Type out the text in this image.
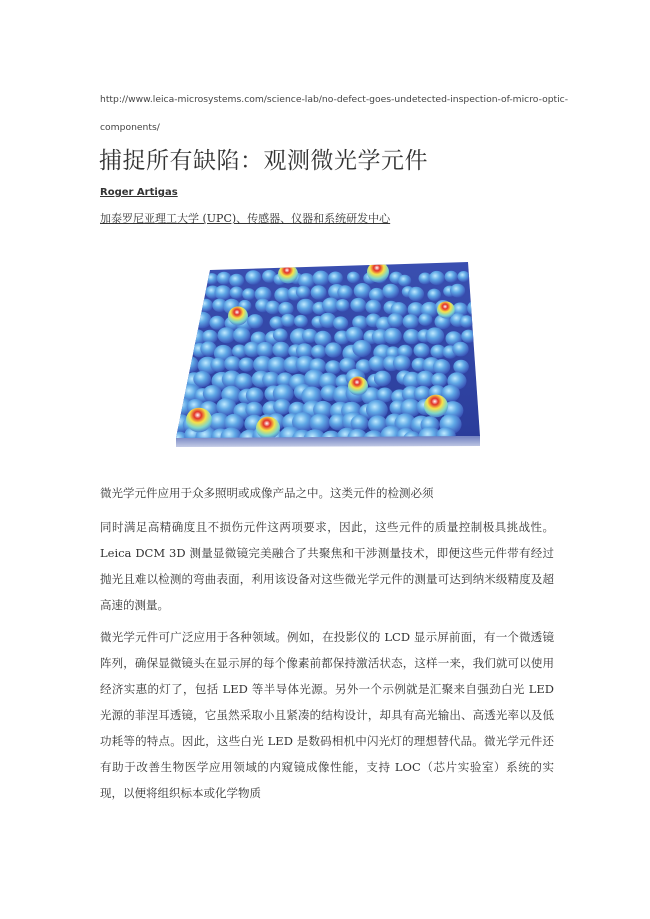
http://www.leica-microsystems.com/science-lab/no-defect-goes-undetected-inspection-of-micro-optic-components/
捕捉所有缺陷：观测微光学元件
Roger Artigas
加泰罗尼亚理工大学 (UPC)、传感器、仪器和系统研发中心
微光学元件应用于众多照明或成像产品之中。这类元件的检测必须
同时满足高精确度且不损伤元件这两项要求，因此，这些元件的质量控制极具挑战性。Leica DCM 3D 测量显微镜完美融合了共聚焦和干涉测量技术，即便这些元件带有经过抛光且难以检测的弯曲表面，利用该设备对这些微光学元件的测量可达到纳米级精度及超高速的测量。
微光学元件可广泛应用于各种领域。例如，在投影仪的 LCD 显示屏前面，有一个微透镜阵列，确保显微镜头在显示屏的每个像素前都保持激活状态，这样一来，我们就可以使用经济实惠的灯了，包括 LED 等半导体光源。另外一个示例就是汇聚来自强劲白光 LED 光源的菲涅耳透镜，它虽然采取小且紧凑的结构设计，却具有高光输出、高透光率以及低功耗等的特点。因此，这些白光 LED 是数码相机中闪光灯的理想替代品。微光学元件还有助于改善生物医学应用领域的内窥镜成像性能，支持 LOC（芯片实验室）系统的实现，以便将组织标本或化学物质
